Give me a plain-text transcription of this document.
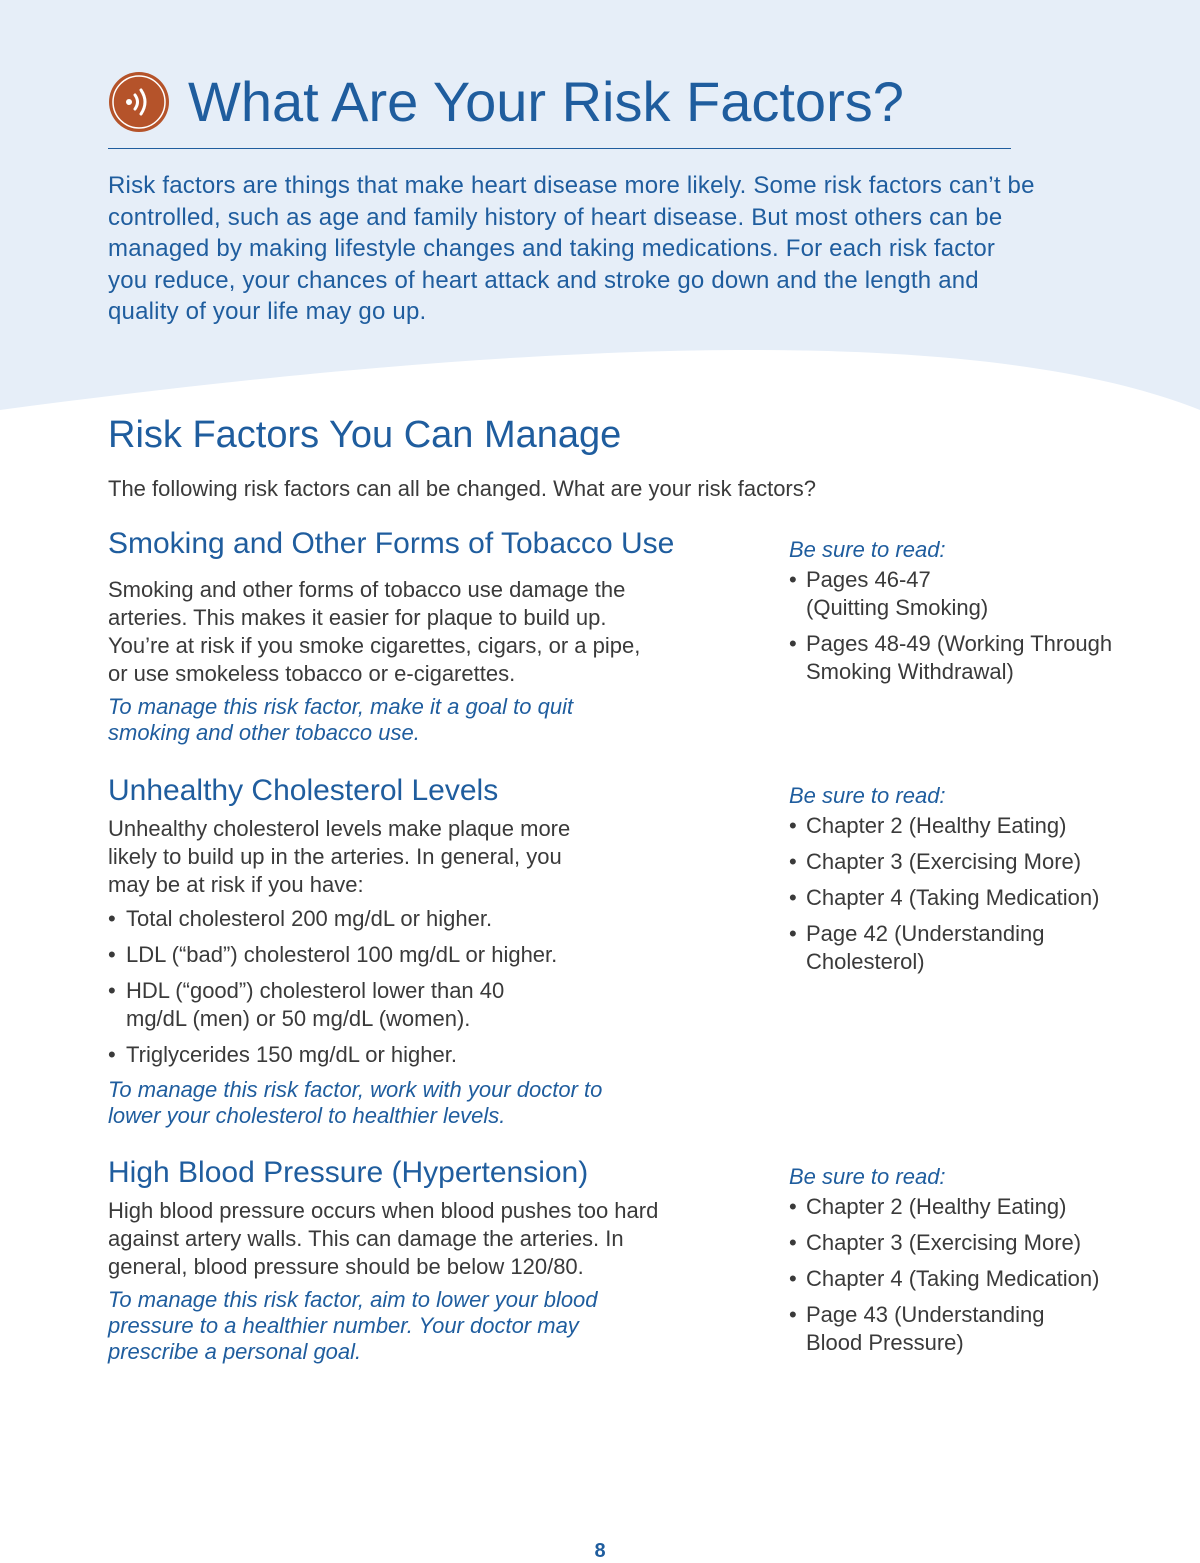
What Are Your Risk Factors?

Risk factors are things that make heart disease more likely. Some risk factors can’t be controlled, such as age and family history of heart disease. But most others can be managed by making lifestyle changes and taking medications. For each risk factor you reduce, your chances of heart attack and stroke go down and the length and quality of your life may go up.

Risk Factors You Can Manage

The following risk factors can all be changed. What are your risk factors?

Smoking and Other Forms of Tobacco Use

Smoking and other forms of tobacco use damage the arteries. This makes it easier for plaque to build up. You’re at risk if you smoke cigarettes, cigars, or a pipe, or use smokeless tobacco or e-cigarettes.

To manage this risk factor, make it a goal to quit smoking and other tobacco use.

Be sure to read:

• Pages 46-47 (Quitting Smoking)
• Pages 48-49 (Working Through Smoking Withdrawal)
Unhealthy Cholesterol Levels

Unhealthy cholesterol levels make plaque more likely to build up in the arteries. In general, you may be at risk if you have:

• Total cholesterol 200 mg/dL or higher.
• LDL (“bad”) cholesterol 100 mg/dL or higher.
• HDL (“good”) cholesterol lower than 40 mg/dL (men) or 50 mg/dL (women).
• Triglycerides 150 mg/dL or higher.

To manage this risk factor, work with your doctor to lower your cholesterol to healthier levels.

Be sure to read:

• Chapter 2 (Healthy Eating)
• Chapter 3 (Exercising More)
• Chapter 4 (Taking Medication)
• Page 42 (Understanding Cholesterol)
High Blood Pressure (Hypertension)

High blood pressure occurs when blood pushes too hard against artery walls. This can damage the arteries. In general, blood pressure should be below 120/80.

To manage this risk factor, aim to lower your blood pressure to a healthier number. Your doctor may prescribe a personal goal.

Be sure to read:

• Chapter 2 (Healthy Eating)
• Chapter 3 (Exercising More)
• Chapter 4 (Taking Medication)
• Page 43 (Understanding Blood Pressure)
8
